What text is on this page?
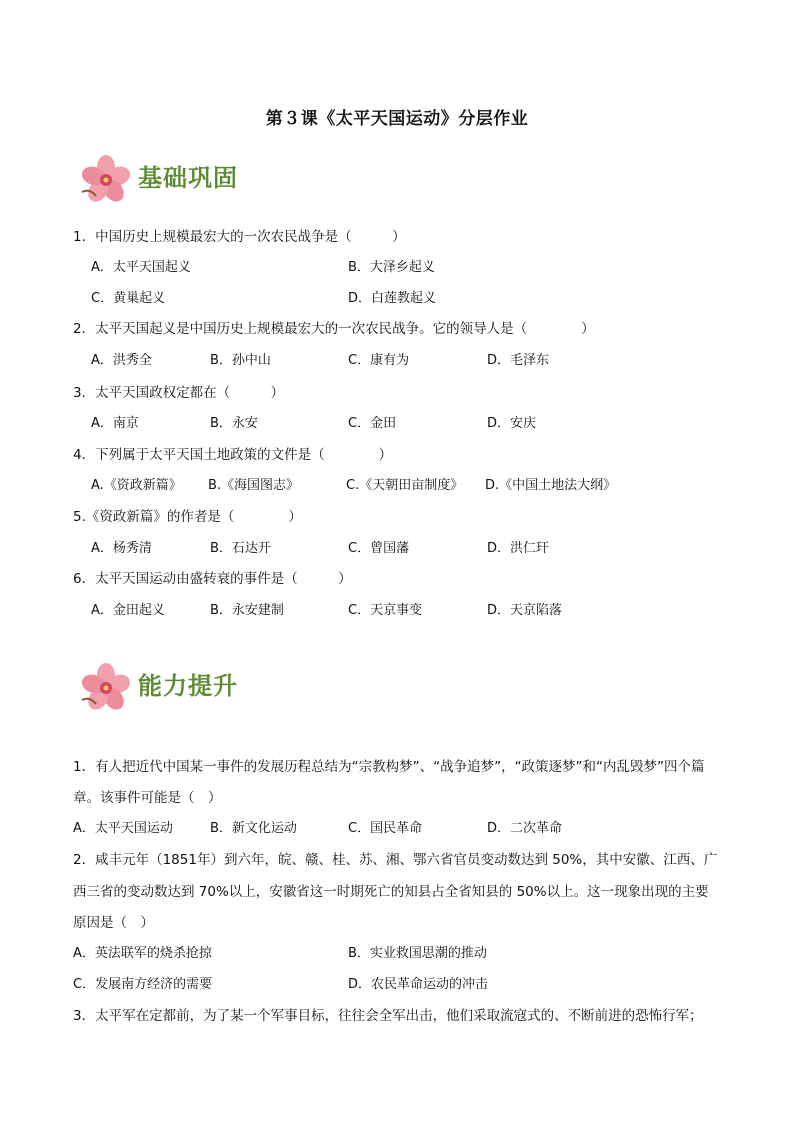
第３课《太平天国运动》分层作业
基础巩固
1．中国历史上规模最宏大的一次农民战争是（　　　）
A．太平天国起义	B．大泽乡起义
C．黄巢起义	D．白莲教起义
2．太平天国起义是中国历史上规模最宏大的一次农民战争。它的领导人是（　　　　）
A．洪秀全	B．孙中山	C．康有为	D．毛泽东
3．太平天国政权定都在（　　　）
A．南京	B．永安	C．金田	D．安庆
4．下列属于太平天国土地政策的文件是（　　　　）
A.《资政新篇》 B.《海国图志》	C.《天朝田亩制度》 D.《中国土地法大纲》
5.《资政新篇》的作者是（　　　　）
A．杨秀清	B．石达开	C．曾国藩	D．洪仁玕
6．太平天国运动由盛转衰的事件是（　　　）
A．金田起义	B．永安建制	C．天京事变	D．天京陷落
能力提升
1．有人把近代中国某一事件的发展历程总结为“宗教构梦”、“战争追梦”，“政策逐梦”和“内乱毁梦”四个篇
章。该事件可能是（　）
A．太平天国运动	B．新文化运动	C．国民革命	D．二次革命
2．咸丰元年（1851年）到六年，皖、赣、桂、苏、湘、鄂六省官员变动数达到 50%，其中安徽、江西、广
西三省的变动数达到 70%以上，安徽省这一时期死亡的知县占全省知县的 50%以上。这一现象出现的主要
原因是（　）
A．英法联军的烧杀抢掠	B．实业救国思潮的推动
C．发展南方经济的需要	D．农民革命运动的冲击
3．太平军在定都前，为了某一个军事目标，往往会全军出击，他们采取流寇式的、不断前进的恐怖行军；
